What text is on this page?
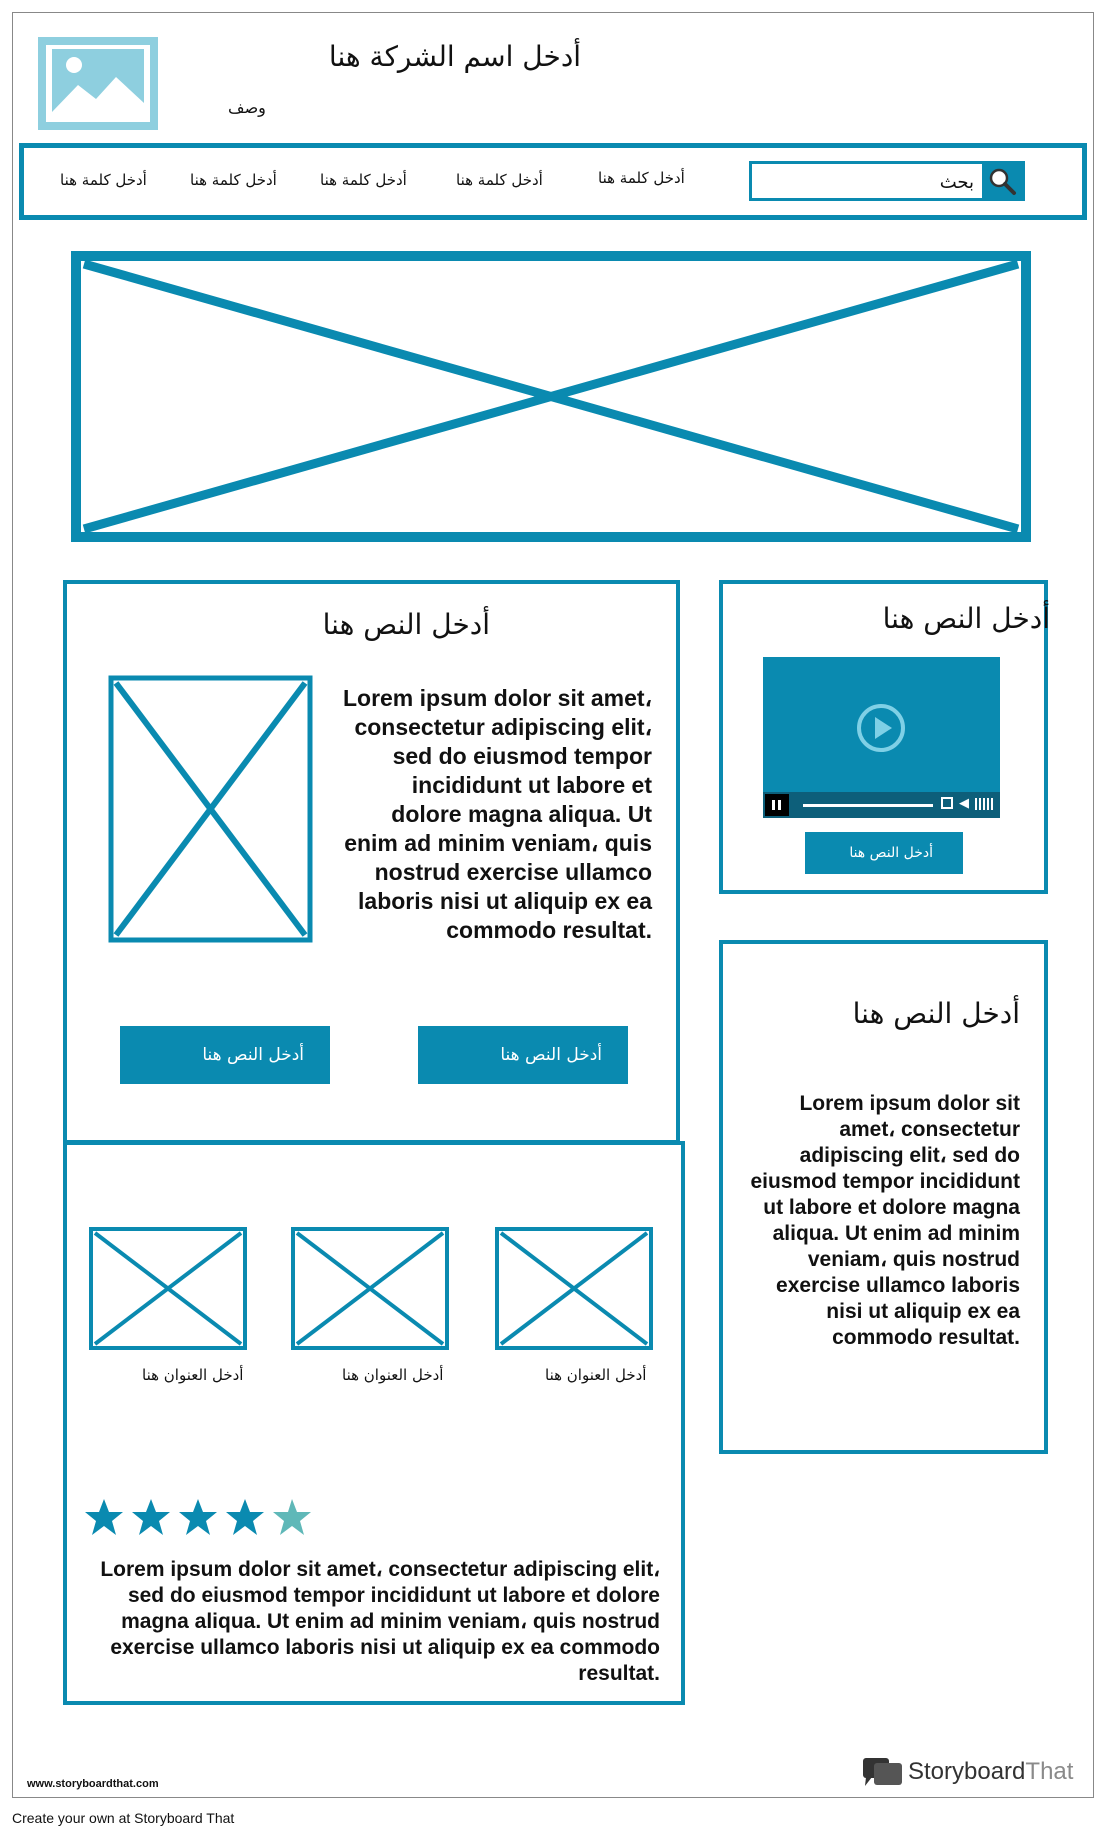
أدخل اسم الشركة هنا
وصف
أدخل كلمة هنا	أدخل كلمة هنا	أدخل كلمة هنا	أدخل كلمة هنا	أدخل كلمة هنا	بحث
أدخل النص هنا
Lorem ipsum dolor sit amet، consectetur adipiscing elit، sed do eiusmod tempor incididunt ut labore et dolore magna aliqua. Ut enim ad minim veniam، quis nostrud exercise ullamco laboris nisi ut aliquip ex ea commodo resultat.
أدخل النص هنا	أدخل النص هنا
أدخل العنوان هنا	أدخل العنوان هنا	أدخل العنوان هنا
Lorem ipsum dolor sit amet، consectetur adipiscing elit، sed do eiusmod tempor incididunt ut labore et dolore magna aliqua. Ut enim ad minim veniam، quis nostrud exercise ullamco laboris nisi ut aliquip ex ea commodo resultat.
أدخل النص هنا
◀
أدخل النص هنا
أدخل النص هنا
Lorem ipsum dolor sit amet، consectetur adipiscing elit، sed do eiusmod tempor incididunt ut labore et dolore magna aliqua. Ut enim ad minim veniam، quis nostrud exercise ullamco laboris nisi ut aliquip ex ea commodo resultat.
www.storyboardthat.com	StoryboardThat
Create your own at Storyboard That
